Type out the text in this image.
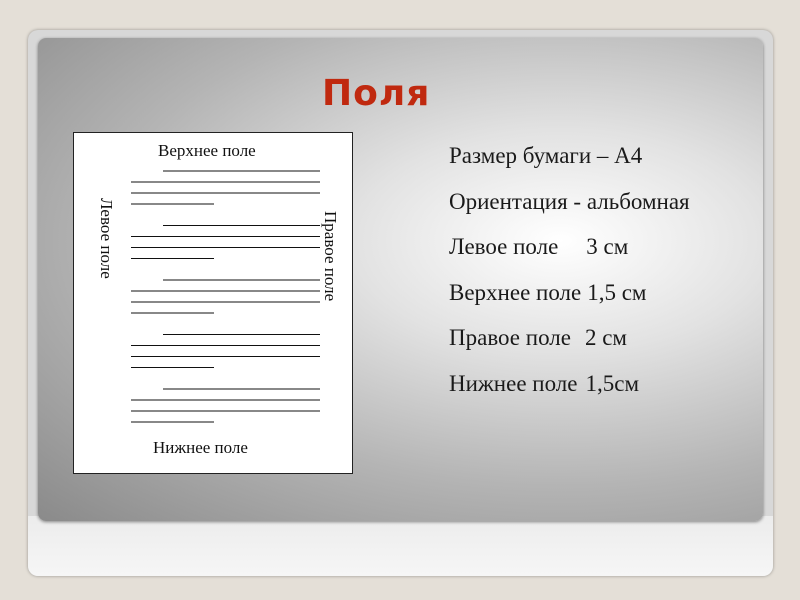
Поля
Верхнее поле
Левое поле	Правое поле
Нижнее поле
Размер бумаги – А4
Ориентация - альбомная
Левое поле 3 см
Верхнее поле 1,5 см
Правое поле 2 см
Нижнее поле 1,5см
